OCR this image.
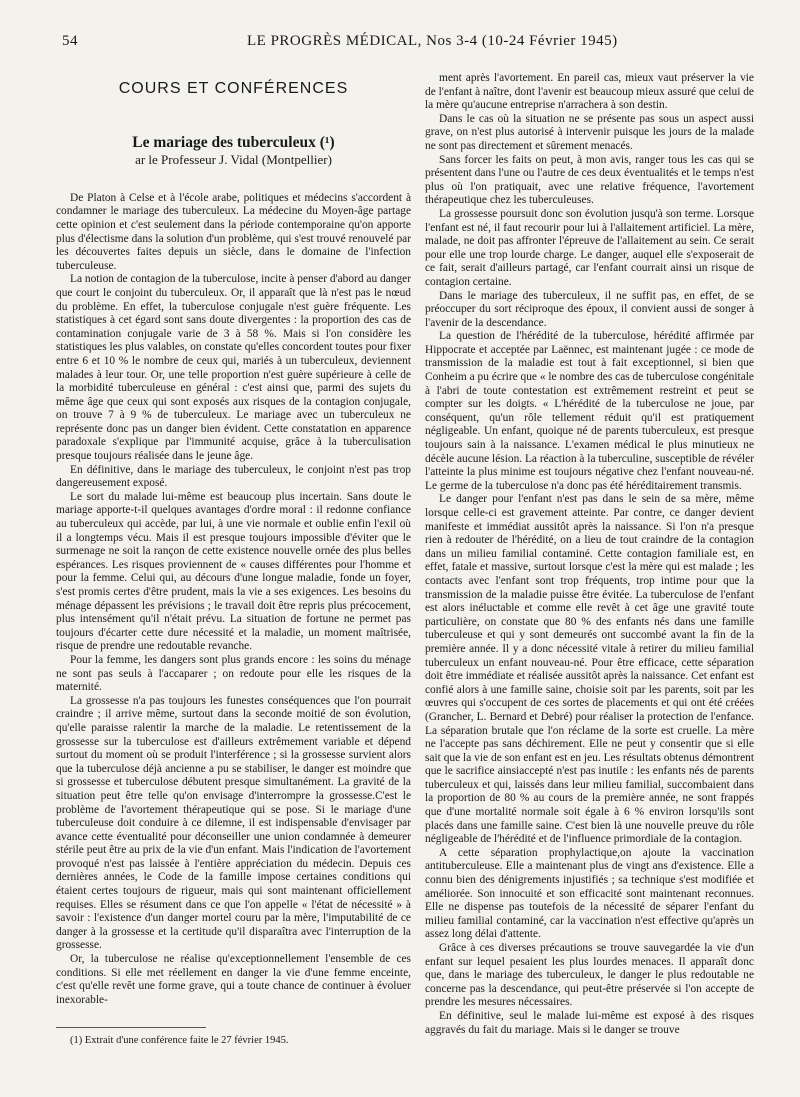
54	LE PROGRÈS MÉDICAL, Nos 3-4 (10-24 Février 1945)
COURS ET CONFÉRENCES
Le mariage des tuberculeux (¹)
ar le Professeur J. Vidal (Montpellier)

De Platon à Celse et à l'école arabe, politiques et médecins s'accordent à condamner le mariage des tuberculeux. La médecine du Moyen-âge partage cette opinion et c'est seulement dans la période contemporaine qu'on apporte plus d'électisme dans la solution d'un problème, qui s'est trouvé renouvelé par les découvertes faites depuis un siècle, dans le domaine de l'infection tuberculeuse.

La notion de contagion de la tuberculose, incite à penser d'abord au danger que court le conjoint du tuberculeux. Or, il apparaît que là n'est pas le nœud du problème. En effet, la tuberculose conjugale n'est guère fréquente. Les statistiques à cet égard sont sans doute divergentes : la proportion des cas de contamination conjugale varie de 3 à 58 %. Mais si l'on considère les statistiques les plus valables, on constate qu'elles concordent toutes pour fixer entre 6 et 10 % le nombre de ceux qui, mariés à un tuberculeux, deviennent malades à leur tour. Or, une telle proportion n'est guère supérieure à celle de la morbidité tuberculeuse en général : c'est ainsi que, parmi des sujets du même âge que ceux qui sont exposés aux risques de la contagion conjugale, on trouve 7 à 9 % de tuberculeux. Le mariage avec un tuberculeux ne représente donc pas un danger bien évident. Cette constatation en apparence paradoxale s'explique par l'immunité acquise, grâce à la tuberculisation presque toujours réalisée dans le jeune âge.

En définitive, dans le mariage des tuberculeux, le conjoint n'est pas trop dangereusement exposé.

Le sort du malade lui-même est beaucoup plus incertain. Sans doute le mariage apporte-t-il quelques avantages d'ordre moral : il redonne confiance au tuberculeux qui accède, par lui, à une vie normale et oublie enfin l'exil où il a longtemps vécu. Mais il est presque toujours impossible d'éviter que le surmenage ne soit la rançon de cette existence nouvelle ornée des plus belles espérances. Les risques proviennent de « causes différentes pour l'homme et pour la femme. Celui qui, au décours d'une longue maladie, fonde un foyer, s'est promis certes d'être prudent, mais la vie a ses exigences. Les besoins du ménage dépassent les prévisions ; le travail doit être repris plus précocement, plus intensément qu'il n'était prévu. La situation de fortune ne permet pas toujours d'écarter cette dure nécessité et la maladie, un moment maîtrisée, risque de prendre une redoutable revanche.

Pour la femme, les dangers sont plus grands encore : les soins du ménage ne sont pas seuls à l'accaparer ; on redoute pour elle les risques de la maternité.

La grossesse n'a pas toujours les funestes conséquences que l'on pourrait craindre ; il arrive même, surtout dans la seconde moitié de son évolution, qu'elle paraisse ralentir la marche de la maladie. Le retentissement de la grossesse sur la tuberculose est d'ailleurs extrêmement variable et dépend surtout du moment où se produit l'interférence ; si la grossesse survient alors que la tuberculose déjà ancienne a pu se stabiliser, le danger est moindre que si grossesse et tuberculose débutent presque simultanément. La gravité de la situation peut être telle qu'on envisage d'interrompre la grossesse.C'est le problème de l'avortement thérapeutique qui se pose. Si le mariage d'une tuberculeuse doit conduire à ce dilemne, il est indispensable d'envisager par avance cette éventualité pour déconseiller une union condamnée à demeurer stérile peut être au prix de la vie d'un enfant. Mais l'indication de l'avortement provoqué n'est pas laissée à l'entière appréciation du médecin. Depuis ces dernières années, le Code de la famille impose certaines conditions qui étaient certes toujours de rigueur, mais qui sont maintenant officiellement requises. Elles se résument dans ce que l'on appelle « l'état de nécessité » à savoir : l'existence d'un danger mortel couru par la mère, l'imputabilité de ce danger à la grossesse et la certitude qu'il disparaîtra avec l'interruption de la grossesse.

Or, la tuberculose ne réalise qu'exceptionnellement l'ensemble de ces conditions. Si elle met réellement en danger la vie d'une femme enceinte, c'est qu'elle revêt une forme grave, qui a toute chance de continuer à évoluer inexorable-

(1) Extrait d'une conférence faite le 27 février 1945.

ment après l'avortement. En pareil cas, mieux vaut préserver la vie de l'enfant à naître, dont l'avenir est beaucoup mieux assuré que celui de la mère qu'aucune entreprise n'arrachera à son destin.

Dans le cas où la situation ne se présente pas sous un aspect aussi grave, on n'est plus autorisé à intervenir puisque les jours de la malade ne sont pas directement et sûrement menacés.

Sans forcer les faits on peut, à mon avis, ranger tous les cas qui se présentent dans l'une ou l'autre de ces deux éventualités et le temps n'est plus où l'on pratiquait, avec une relative fréquence, l'avortement thérapeutique chez les tuberculeuses.

La grossesse poursuit donc son évolution jusqu'à son terme. Lorsque l'enfant est né, il faut recourir pour lui à l'allaitement artificiel. La mère, malade, ne doit pas affronter l'épreuve de l'allaitement au sein. Ce serait pour elle une trop lourde charge. Le danger, auquel elle s'exposerait de ce fait, serait d'ailleurs partagé, car l'enfant courrait ainsi un risque de contagion certaine.

Dans le mariage des tuberculeux, il ne suffit pas, en effet, de se préoccuper du sort réciproque des époux, il convient aussi de songer à l'avenir de la descendance.

La question de l'hérédité de la tuberculose, hérédité affirmée par Hippocrate et acceptée par Laënnec, est maintenant jugée : ce mode de transmission de la maladie est tout à fait exceptionnel, si bien que Conheim a pu écrire que « le nombre des cas de tuberculose congénitale à l'abri de toute contestation est extrêmement restreint et peut se compter sur les doigts. « L'hérédité de la tuberculose ne joue, par conséquent, qu'un rôle tellement réduit qu'il est pratiquement négligeable. Un enfant, quoique né de parents tuberculeux, est presque toujours sain à la naissance. L'examen médical le plus minutieux ne décèle aucune lésion. La réaction à la tuberculine, susceptible de révéler l'atteinte la plus minime est toujours négative chez l'enfant nouveau-né. Le germe de la tuberculose n'a donc pas été héréditairement transmis.

Le danger pour l'enfant n'est pas dans le sein de sa mère, même lorsque celle-ci est gravement atteinte. Par contre, ce danger devient manifeste et immédiat aussitôt après la naissance. Si l'on n'a presque rien à redouter de l'hérédité, on a lieu de tout craindre de la contagion dans un milieu familial contaminé. Cette contagion familiale est, en effet, fatale et massive, surtout lorsque c'est la mère qui est malade ; les contacts avec l'enfant sont trop fréquents, trop intime pour que la transmission de la maladie puisse être évitée. La tuberculose de l'enfant est alors inéluctable et comme elle revêt à cet âge une gravité toute particulière, on constate que 80 % des enfants nés dans une famille tuberculeuse et qui y sont demeurés ont succombé avant la fin de la première année. Il y a donc nécessité vitale à retirer du milieu familial tuberculeux un enfant nouveau-né. Pour être efficace, cette séparation doit être immédiate et réalisée aussitôt après la naissance. Cet enfant est confié alors à une famille saine, choisie soit par les parents, soit par les œuvres qui s'occupent de ces sortes de placements et qui ont été créées (Grancher, L. Bernard et Debré) pour réaliser la protection de l'enfance. La séparation brutale que l'on réclame de la sorte est cruelle. La mère ne l'accepte pas sans déchirement. Elle ne peut y consentir que si elle sait que la vie de son enfant est en jeu. Les résultats obtenus démontrent que le sacrifice ainsiaccepté n'est pas inutile : les enfants nés de parents tuberculeux et qui, laissés dans leur milieu familial, succombaient dans la proportion de 80 % au cours de la première année, ne sont frappés que d'une mortalité normale soit égale à 6 % environ lorsqu'ils sont placés dans une famille saine. C'est bien là une nouvelle preuve du rôle négligeable de l'hérédité et de l'influence primordiale de la contagion.

A cette séparation prophylactique,on ajoute la vaccination antituberculeuse. Elle a maintenant plus de vingt ans d'existence. Elle a connu bien des dénigrements injustifiés ; sa technique s'est modifiée et améliorée. Son innocuité et son efficacité sont maintenant reconnues. Elle ne dispense pas toutefois de la nécessité de séparer l'enfant du milieu familial contaminé, car la vaccination n'est effective qu'après un assez long délai d'attente.

Grâce à ces diverses précautions se trouve sauvegardée la vie d'un enfant sur lequel pesaient les plus lourdes menaces. Il apparaît donc que, dans le mariage des tuberculeux, le danger le plus redoutable ne concerne pas la descendance, qui peut-être préservée si l'on accepte de prendre les mesures nécessaires.

En définitive, seul le malade lui-même est exposé à des risques aggravés du fait du mariage. Mais si le danger se trouve
